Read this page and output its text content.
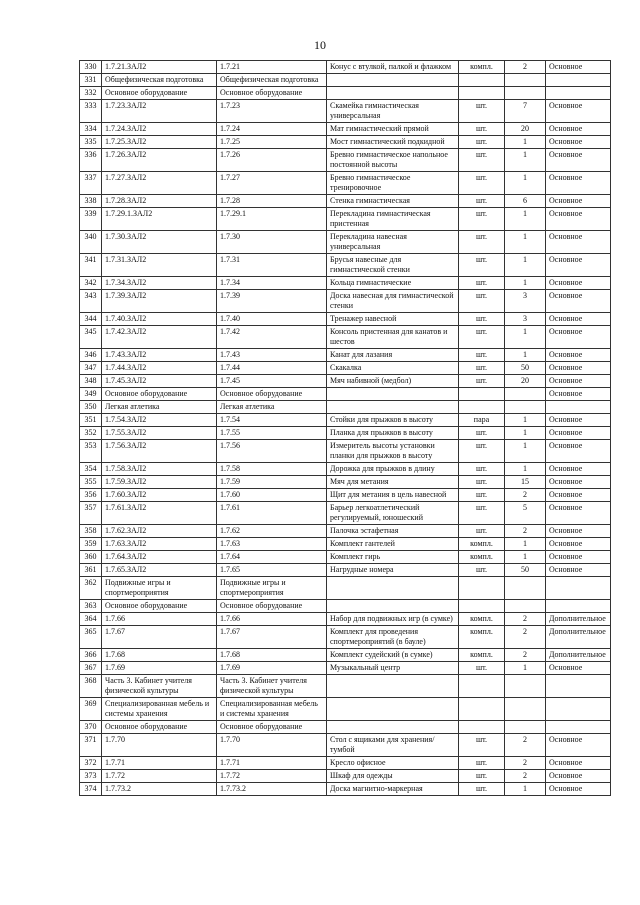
10
330	1.7.21.ЗАЛ2	1.7.21	Конус с втулкой, палкой и флажком	компл.	2	Основное
331	Общефизическая подготовка	Общефизическая подготовка				
332	Основное оборудование	Основное оборудование				
333	1.7.23.ЗАЛ2	1.7.23	Скамейка гимнастическая универсальная	шт.	7	Основное
334	1.7.24.ЗАЛ2	1.7.24	Мат гимнастический прямой	шт.	20	Основное
335	1.7.25.ЗАЛ2	1.7.25	Мост гимнастический подкидной	шт.	1	Основное
336	1.7.26.ЗАЛ2	1.7.26	Бревно гимнастическое напольное постоянной высоты	шт.	1	Основное
337	1.7.27.ЗАЛ2	1.7.27	Бревно гимнастическое тренировочное	шт.	1	Основное
338	1.7.28.ЗАЛ2	1.7.28	Стенка гимнастическая	шт.	6	Основное
339	1.7.29.1.ЗАЛ2	1.7.29.1	Перекладина гимнастическая пристенная	шт.	1	Основное
340	1.7.30.ЗАЛ2	1.7.30	Перекладина навесная универсальная	шт.	1	Основное
341	1.7.31.ЗАЛ2	1.7.31	Брусья навесные для гимнастической стенки	шт.	1	Основное
342	1.7.34.ЗАЛ2	1.7.34	Кольца гимнастические	шт.	1	Основное
343	1.7.39.ЗАЛ2	1.7.39	Доска навесная для гимнастической стенки	шт.	3	Основное
344	1.7.40.ЗАЛ2	1.7.40	Тренажер навесной	шт.	3	Основное
345	1.7.42.ЗАЛ2	1.7.42	Консоль пристенная для канатов и шестов	шт.	1	Основное
346	1.7.43.ЗАЛ2	1.7.43	Канат для лазания	шт.	1	Основное
347	1.7.44.ЗАЛ2	1.7.44	Скакалка	шт.	50	Основное
348	1.7.45.ЗАЛ2	1.7.45	Мяч набивной (медбол)	шт.	20	Основное
349	Основное оборудование	Основное оборудование				Основное
350	Легкая атлетика	Легкая атлетика				
351	1.7.54.ЗАЛ2	1.7.54	Стойки для прыжков в высоту	пара	1	Основное
352	1.7.55.ЗАЛ2	1.7.55	Планка для прыжков в высоту	шт.	1	Основное
353	1.7.56.ЗАЛ2	1.7.56	Измеритель высоты установки планки для прыжков в высоту	шт.	1	Основное
354	1.7.58.ЗАЛ2	1.7.58	Дорожка для прыжков в длину	шт.	1	Основное
355	1.7.59.ЗАЛ2	1.7.59	Мяч для метания	шт.	15	Основное
356	1.7.60.ЗАЛ2	1.7.60	Щит для метания в цель навесной	шт.	2	Основное
357	1.7.61.ЗАЛ2	1.7.61	Барьер легкоатлетический регулируемый, юношеский	шт.	5	Основное
358	1.7.62.ЗАЛ2	1.7.62	Палочка эстафетная	шт.	2	Основное
359	1.7.63.ЗАЛ2	1.7.63	Комплект гантелей	компл.	1	Основное
360	1.7.64.ЗАЛ2	1.7.64	Комплект гирь	компл.	1	Основное
361	1.7.65.ЗАЛ2	1.7.65	Нагрудные номера	шт.	50	Основное
362	Подвижные игры и спортмероприятия	Подвижные игры и спортмероприятия				
363	Основное оборудование	Основное оборудование				
364	1.7.66	1.7.66	Набор для подвижных игр (в сумке)	компл.	2	Дополнительное
365	1.7.67	1.7.67	Комплект для проведения спортмероприятий (в бауле)	компл.	2	Дополнительное
366	1.7.68	1.7.68	Комплект судейский (в сумке)	компл.	2	Дополнительное
367	1.7.69	1.7.69	Музыкальный центр	шт.	1	Основное
368	Часть 3. Кабинет учителя физической культуры	Часть 3. Кабинет учителя физической культуры				
369	Специализированная мебель и системы хранения	Специализированная мебель и системы хранения				
370	Основное оборудование	Основное оборудование				
371	1.7.70	1.7.70	Стол с ящиками для хранения/тумбой	шт.	2	Основное
372	1.7.71	1.7.71	Кресло офисное	шт.	2	Основное
373	1.7.72	1.7.72	Шкаф для одежды	шт.	2	Основное
374	1.7.73.2	1.7.73.2	Доска магнитно-маркерная	шт.	1	Основное
